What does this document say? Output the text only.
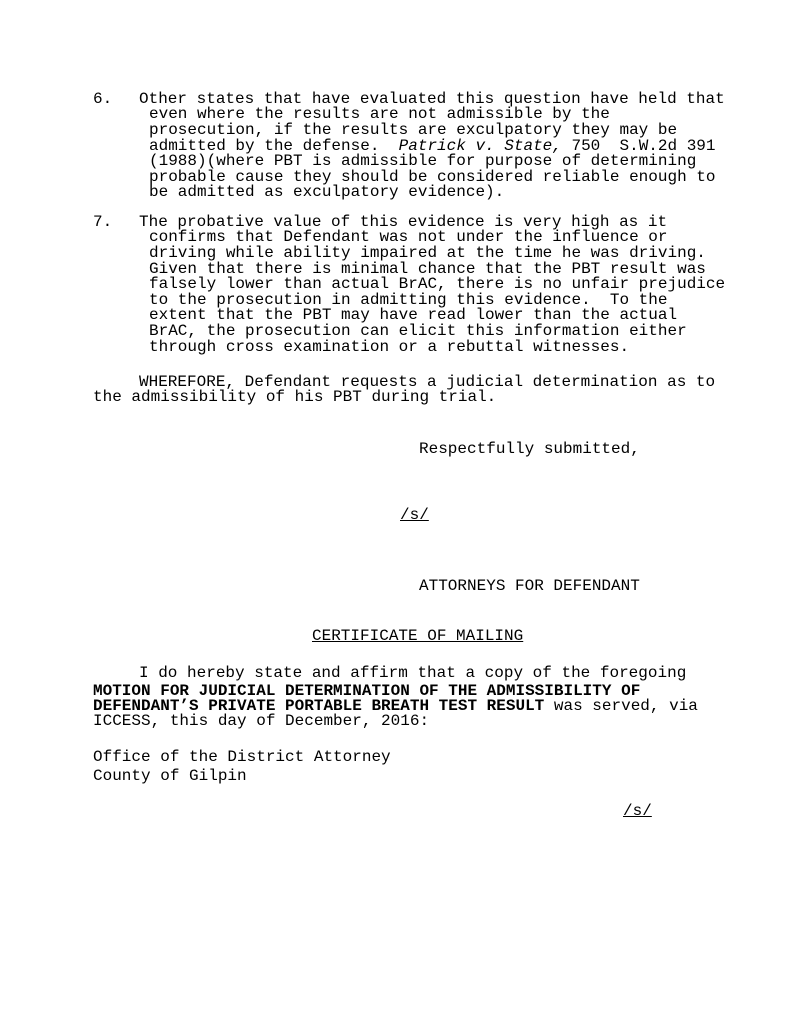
6. Other states that have evaluated this question have held that
even where the results are not admissible by the
prosecution, if the results are exculpatory they may be
admitted by the defense.  Patrick v. State, 750  S.W.2d 391
(1988)(where PBT is admissible for purpose of determining
probable cause they should be considered reliable enough to
be admitted as exculpatory evidence).
7. The probative value of this evidence is very high as it
confirms that Defendant was not under the influence or
driving while ability impaired at the time he was driving.
Given that there is minimal chance that the PBT result was
falsely lower than actual BrAC, there is no unfair prejudice
to the prosecution in admitting this evidence.  To the
extent that the PBT may have read lower than the actual
BrAC, the prosecution can elicit this information either
through cross examination or a rebuttal witnesses.
WHEREFORE, Defendant requests a judicial determination as to
the admissibility of his PBT during trial.
Respectfully submitted,
/s/
ATTORNEYS FOR DEFENDANT
CERTIFICATE OF MAILING
I do hereby state and affirm that a copy of the foregoing
MOTION FOR JUDICIAL DETERMINATION OF THE ADMISSIBILITY OF
DEFENDANT’S PRIVATE PORTABLE BREATH TEST RESULT was served, via
ICCESS, this day of December, 2016:
Office of the District Attorney
County of Gilpin
/s/
